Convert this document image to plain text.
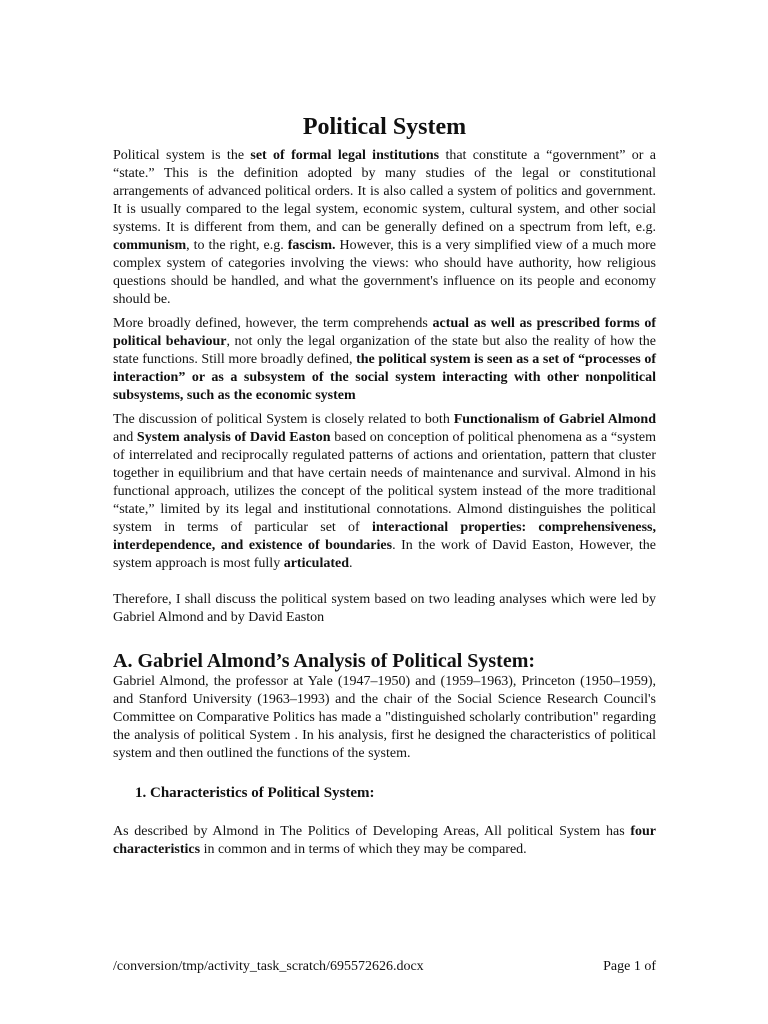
Political System

Political system is the set of formal legal institutions that constitute a “government” or a “state.” This is the definition adopted by many studies of the legal or constitutional arrangements of advanced political orders. It is also called a system of politics and government. It is usually compared to the legal system, economic system, cultural system, and other social systems. It is different from them, and can be generally defined on a spectrum from left, e.g. communism, to the right, e.g. fascism. However, this is a very simplified view of a much more complex system of categories involving the views: who should have authority, how religious questions should be handled, and what the government's influence on its people and economy should be.

More broadly defined, however, the term comprehends actual as well as prescribed forms of political behaviour, not only the legal organization of the state but also the reality of how the state functions. Still more broadly defined, the political system is seen as a set of “processes of interaction” or as a subsystem of the social system interacting with other nonpolitical subsystems, such as the economic system

The discussion of political System is closely related to both Functionalism of Gabriel Almond and System analysis of David Easton based on conception of political phenomena as a “system of interrelated and reciprocally regulated patterns of actions and orientation, pattern that cluster together in equilibrium and that have certain needs of maintenance and survival. Almond in his functional approach, utilizes the concept of the political system instead of the more traditional “state,” limited by its legal and institutional connotations. Almond distinguishes the political system in terms of particular set of interactional properties: comprehensiveness, interdependence, and existence of boundaries. In the work of David Easton, However, the system approach is most fully articulated.

Therefore, I shall discuss the political system based on two leading analyses which were led by Gabriel Almond and by David Easton

A. Gabriel Almond’s Analysis of Political System:

Gabriel Almond, the professor at Yale (1947–1950) and (1959–1963), Princeton (1950–1959), and Stanford University (1963–1993) and the chair of the Social Science Research Council's Committee on Comparative Politics has made a "distinguished scholarly contribution" regarding the analysis of political System . In his analysis, first he designed the characteristics of political system and then outlined the functions of the system.

1. Characteristics of Political System:

As described by Almond in The Politics of Developing Areas, All political System has four characteristics in common and in terms of which they may be compared.

/conversion/tmp/activity_task_scratch/695572626.docx	Page 1 of
